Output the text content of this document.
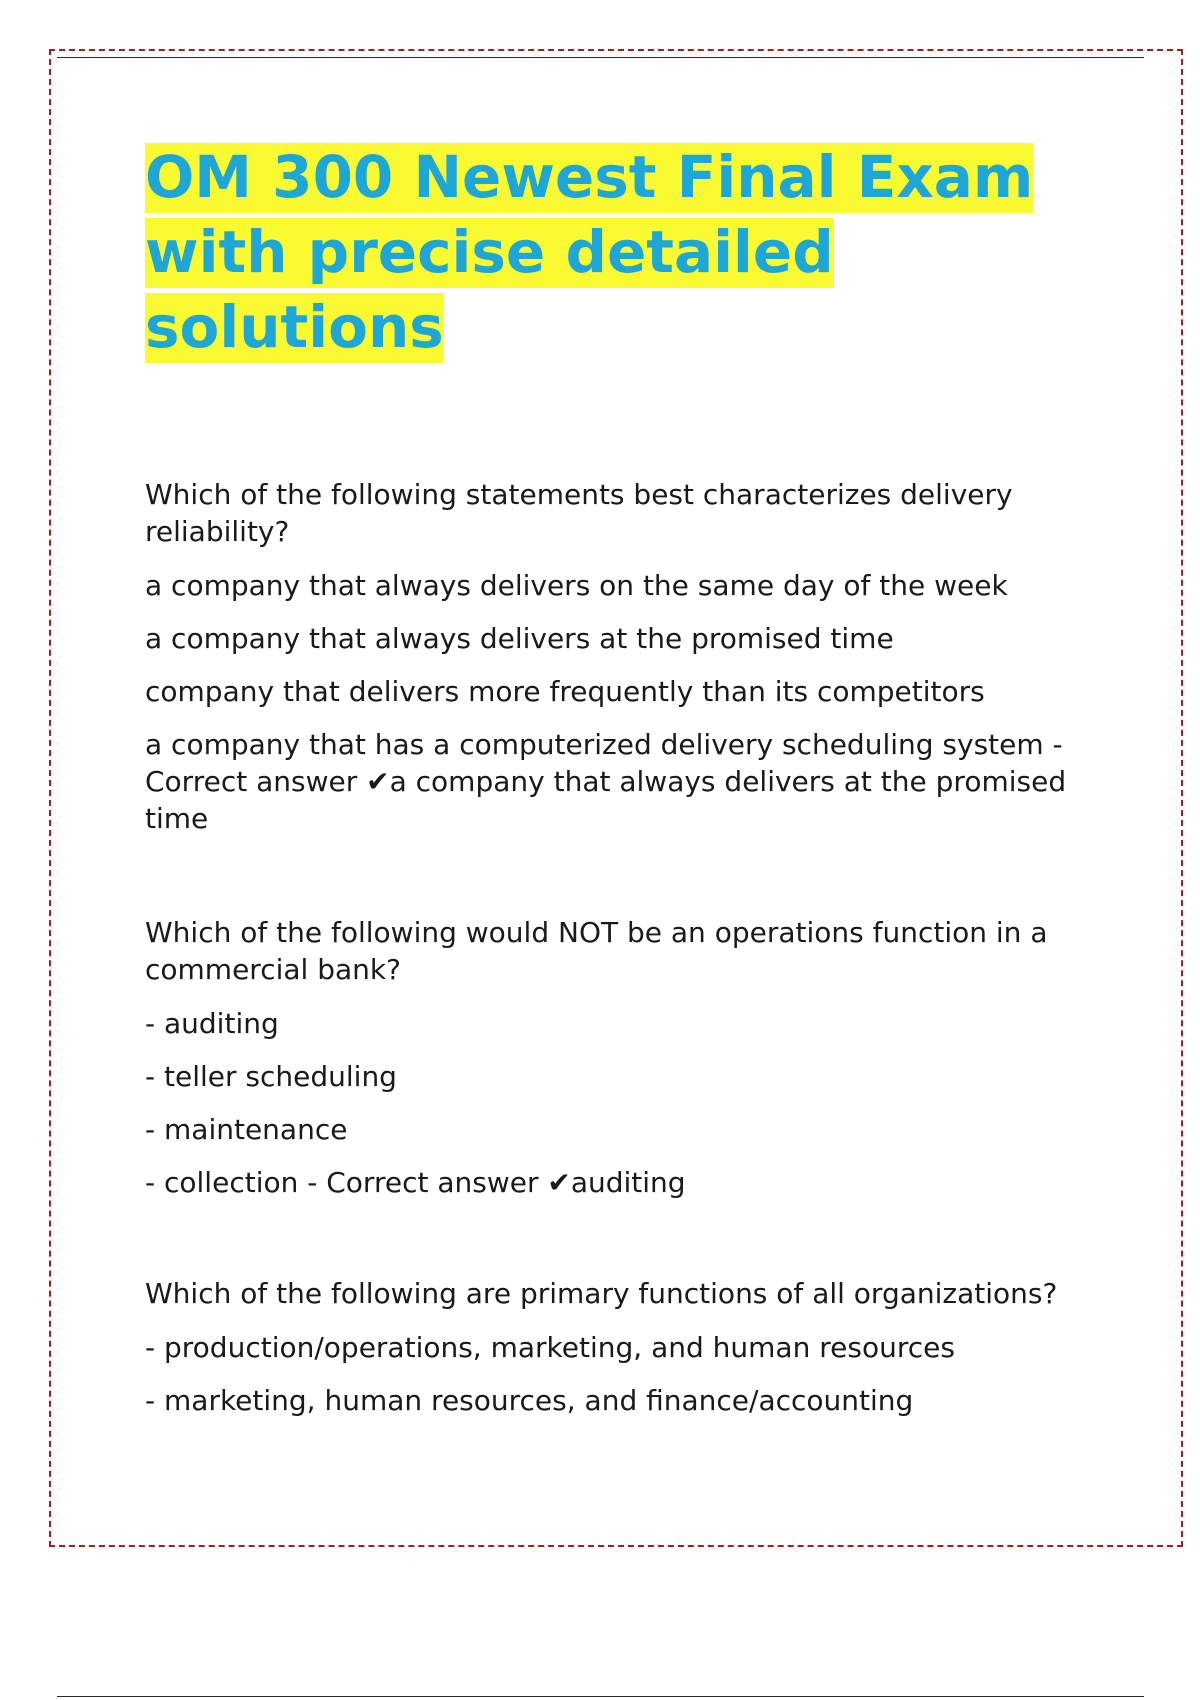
OM 300 Newest Final Exam
with precise detailed
solutions

Which of the following statements best characterizes delivery reliability?

a company that always delivers on the same day of the week

a company that always delivers at the promised time

company that delivers more frequently than its competitors

a company that has a computerized delivery scheduling system - Correct answer ✔a company that always delivers at the promised time

Which of the following would NOT be an operations function in a commercial bank?

- auditing

- teller scheduling

- maintenance

- collection - Correct answer ✔auditing

Which of the following are primary functions of all organizations?

- production/operations, marketing, and human resources

- marketing, human resources, and finance/accounting
